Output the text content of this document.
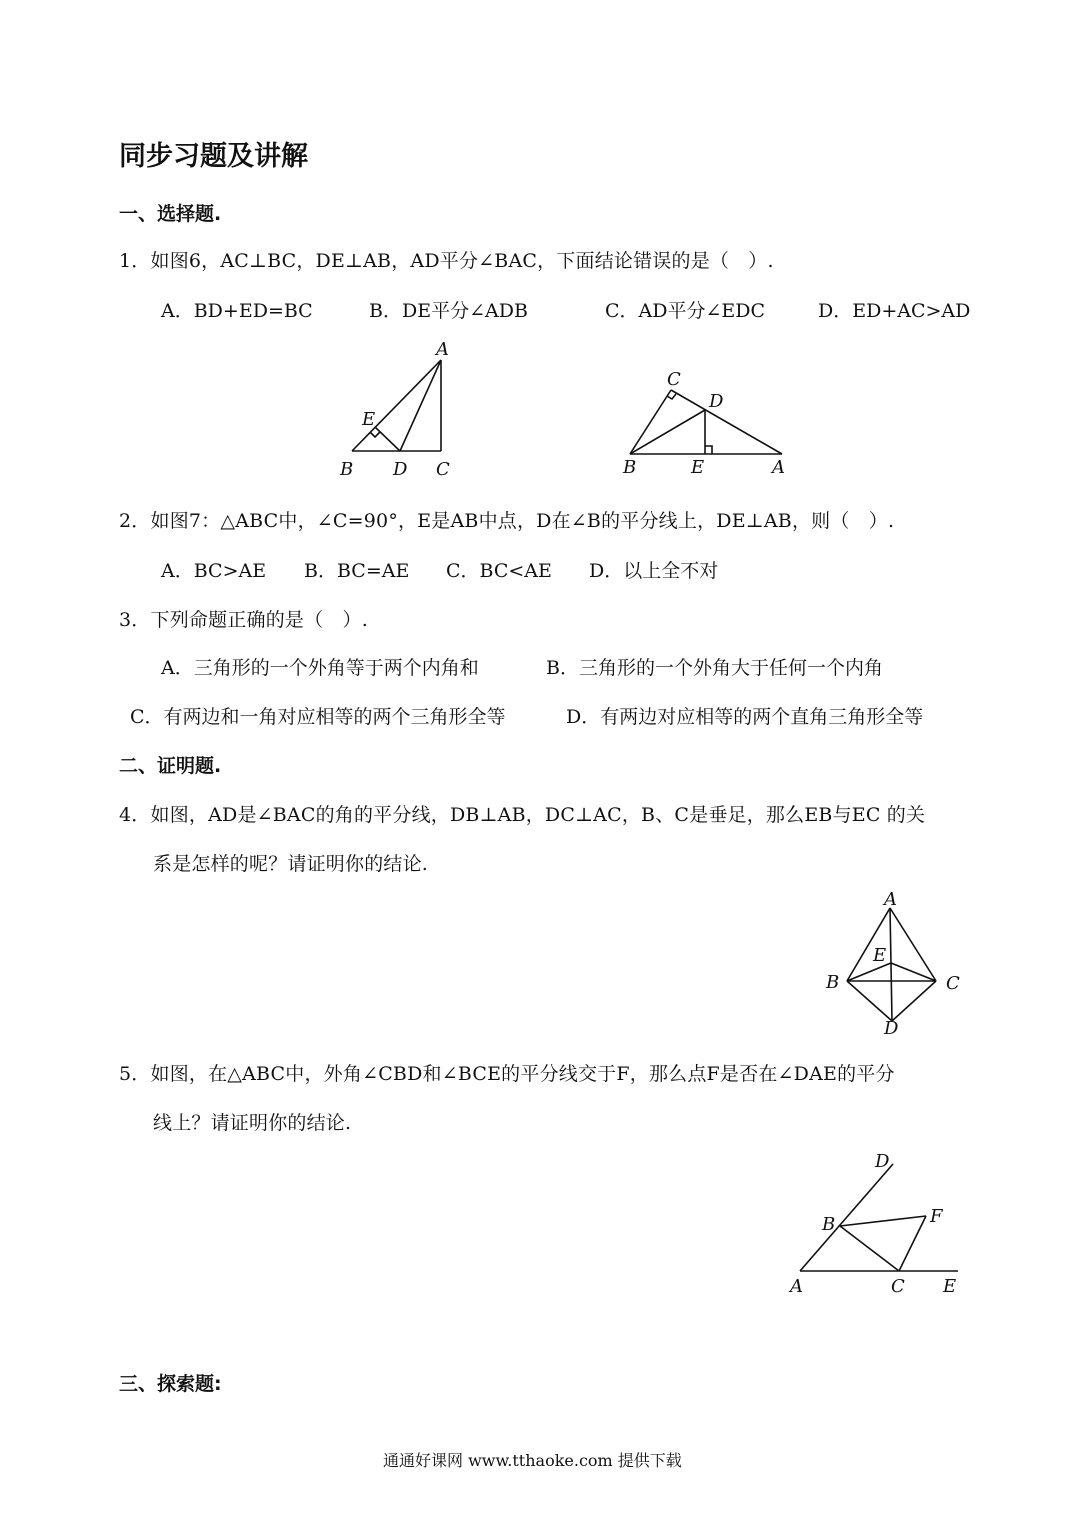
同步习题及讲解
一、选择题.
1．如图6，AC⊥BC，DE⊥AB，AD平分∠BAC，下面结论错误的是（　）.
A．BD+ED=BC	B．DE平分∠ADB	C．AD平分∠EDC	D．ED+AC>AD
A
E
B D C
C
D
B	E	A
2．如图7：△ABC中，∠C=90°，E是AB中点，D在∠B的平分线上，DE⊥AB，则（　）.
A．BC>AE B．BC=AE C．BC<AE D．以上全不对
3．下列命题正确的是（　）.
A．三角形的一个外角等于两个内角和	B．三角形的一个外角大于任何一个内角
C．有两边和一角对应相等的两个三角形全等	D．有两边对应相等的两个直角三角形全等
二、证明题.
4．如图，AD是∠BAC的角的平分线，DB⊥AB，DC⊥AC，B、C是垂足，那么EB与EC 的关
系是怎样的呢？请证明你的结论.
A
E
B	C
D
5．如图，在△ABC中，外角∠CBD和∠BCE的平分线交于F，那么点F是否在∠DAE的平分
线上？请证明你的结论.
D
B	F
A	C E
三、探索题:
通通好课网 www.tthaoke.com 提供下载
